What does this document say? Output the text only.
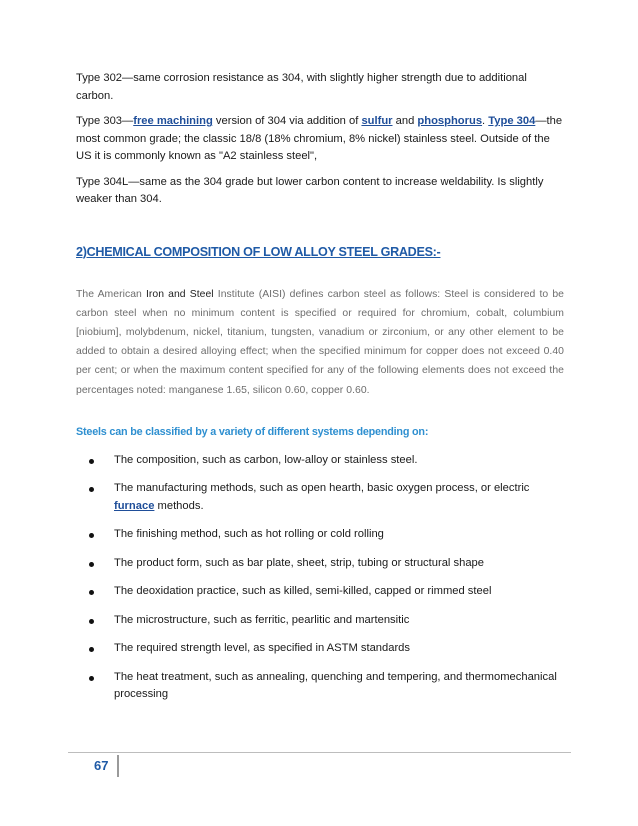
Type 302—same corrosion resistance as 304, with slightly higher strength due to additional carbon.

Type 303—free machining version of 304 via addition of sulfur and phosphorus. Type 304—the most common grade; the classic 18/8 (18% chromium, 8% nickel) stainless steel. Outside of the US it is commonly known as "A2 stainless steel",

Type 304L—same as the 304 grade but lower carbon content to increase weldability. Is slightly weaker than 304.

2)CHEMICAL COMPOSITION OF LOW ALLOY STEEL GRADES:-

The American Iron and Steel Institute (AISI) defines carbon steel as follows: Steel is considered to be carbon steel when no minimum content is specified or required for chromium, cobalt, columbium [niobium], molybdenum, nickel, titanium, tungsten, vanadium or zirconium, or any other element to be added to obtain a desired alloying effect; when the specified minimum for copper does not exceed 0.40 per cent; or when the maximum content specified for any of the following elements does not exceed the percentages noted: manganese 1.65, silicon 0.60, copper 0.60.

Steels can be classified by a variety of different systems depending on:
The composition, such as carbon, low-alloy or stainless steel.
The manufacturing methods, such as open hearth, basic oxygen process, or electric furnace methods.
The finishing method, such as hot rolling or cold rolling
The product form, such as bar plate, sheet, strip, tubing or structural shape
The deoxidation practice, such as killed, semi-killed, capped or rimmed steel
The microstructure, such as ferritic, pearlitic and martensitic
The required strength level, as specified in ASTM standards
The heat treatment, such as annealing, quenching and tempering, and thermomechanical processing
67
